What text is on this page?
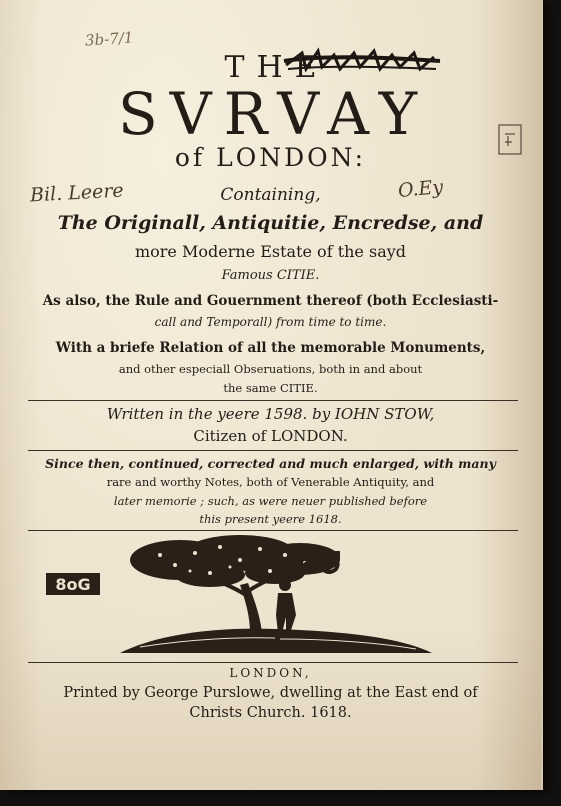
3b-7/1
THE
SVRVAY
of LONDON:
Bil. Leere	O.Ey
Containing,
The Originall, Antiquitie, Encredse, and
more Moderne Estate of the sayd
Famous CITIE.
As also, the Rule and Gouernment thereof (both Ecclesiasti-
call and Temporall) from time to time.
With a briefe Relation of all the memorable Monuments,
and other especiall Obseruations, both in and about
the same CITIE.
Written in the yeere 1598. by IOHN STOW,
Citizen of LONDON.
Since then, continued, corrected and much enlarged, with many
rare and worthy Notes, both of Venerable Antiquity, and
later memorie ; such, as were neuer published before
this present yeere 1618.
8oG
LONDON,
Printed by George Purslowe, dwelling at the East end of
Christs Church. 1618.
